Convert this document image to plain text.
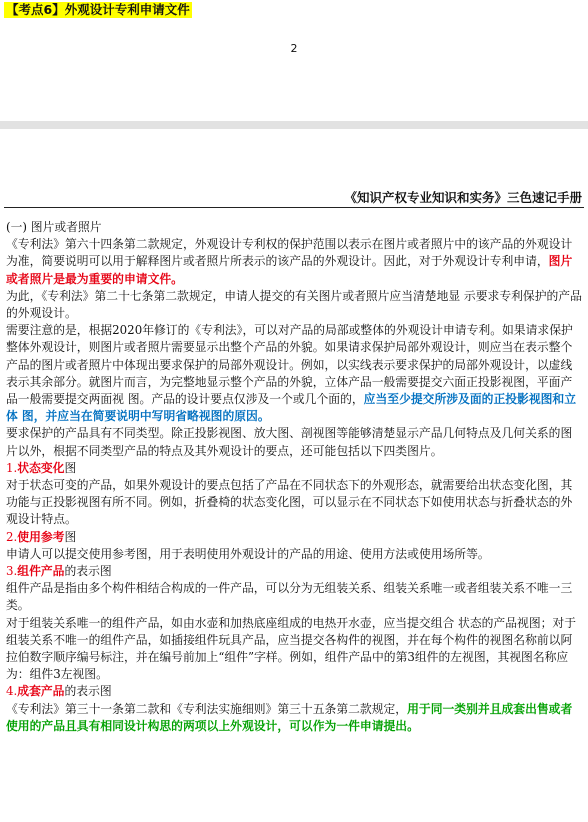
【考点6】外观设计专利申请文件
2
《知识产权专业知识和实务》三色速记手册

(一) 图片或者照片

《专利法》第六十四条第二款规定，外观设计专利权的保护范围以表示在图片或者照片中的该产品的外观设计为准，简要说明可以用于解释图片或者照片所表示的该产品的外观设计。因此，对于外观设计专利申请，图片或者照片是最为重要的申请文件。

为此，《专利法》第二十七条第二款规定，申请人提交的有关图片或者照片应当清楚地显 示要求专利保护的产品的外观设计。

需要注意的是，根据2020年修订的《专利法》，可以对产品的局部或整体的外观设计申请专利。如果请求保护整体外观设计，则图片或者照片需要显示出整个产品的外貌。如果请求保护局部外观设计，则应当在表示整个产品的图片或者照片中体现出要求保护的局部外观设计。例如，以实线表示要求保护的局部外观设计，以虚线表示其余部分。就图片而言，为完整地显示整个产品的外貌，立体产品一般需要提交六面正投影视图，平面产品一般需要提交两面视 图。产品的设计要点仅涉及一个或几个面的，应当至少提交所涉及面的正投影视图和立体 图，并应当在简要说明中写明省略视图的原因。

要求保护的产品具有不同类型。除正投影视图、放大图、剖视图等能够清楚显示产品几何特点及几何关系的图片以外，根据不同类型产品的特点及其外观设计的要点，还可能包括以下四类图片。

1.状态变化图

对于状态可变的产品，如果外观设计的要点包括了产品在不同状态下的外观形态，就需要给出状态变化图，其功能与正投影视图有所不同。例如，折叠椅的状态变化图，可以显示在不同状态下如使用状态与折叠状态的外观设计特点。

2.使用参考图

申请人可以提交使用参考图，用于表明使用外观设计的产品的用途、使用方法或使用场所等。

3.组件产品的表示图

组件产品是指由多个构件相结合构成的一件产品，可以分为无组装关系、组装关系唯一或者组装关系不唯一三类。

对于组装关系唯一的组件产品，如由水壶和加热底座组成的电热开水壶，应当提交组合 状态的产品视图；对于组装关系不唯一的组件产品，如插接组件玩具产品，应当提交各构件的视图，并在每个构件的视图名称前以阿拉伯数字顺序编号标注，并在编号前加上“组件”字样。例如，组件产品中的第3组件的左视图，其视图名称应为：组件3左视图。

4.成套产品的表示图

《专利法》第三十一条第二款和《专利法实施细则》第三十五条第二款规定，用于同一类别并且成套出售或者使用的产品且具有相同设计构思的两项以上外观设计，可以作为一件申请提出。
